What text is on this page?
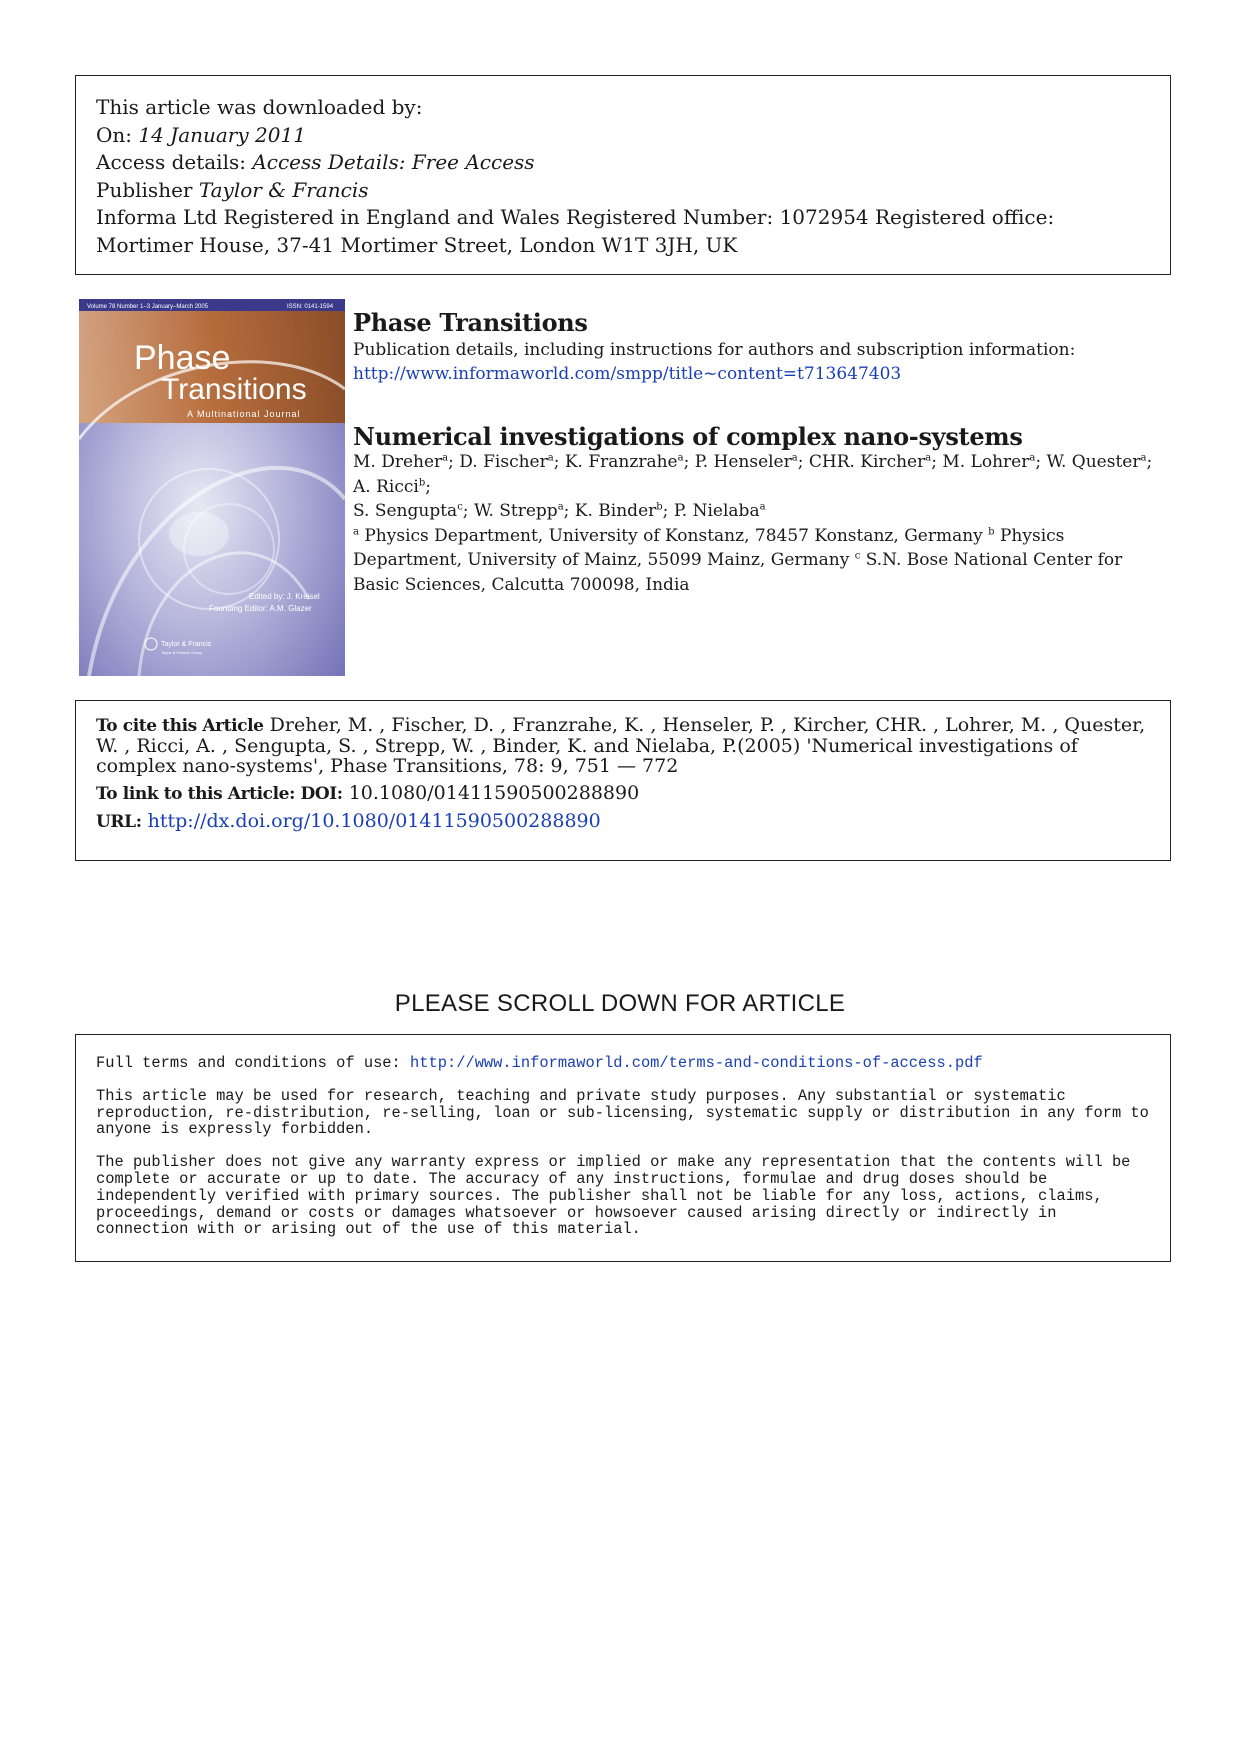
This article was downloaded by:
On: 14 January 2011
Access details: Access Details: Free Access
Publisher Taylor & Francis
Informa Ltd Registered in England and Wales Registered Number: 1072954 Registered office: Mortimer House, 37-41 Mortimer Street, London W1T 3JH, UK
Volume 78 Number 1–3 January–March 2005	ISSN: 0141-1594
Phase
Transitions
A Multinational Journal
Edited by: J. Kreisel
Founding Editor: A.M. Glazer
Taylor & Francis
Taylor & Francis Group
Phase Transitions
Publication details, including instructions for authors and subscription information:
http://www.informaworld.com/smpp/title~content=t713647403
Numerical investigations of complex nano-systems
M. Dreher$^a$; D. Fischer$^a$; K. Franzrahe$^a$; P. Henseler$^a$; CHR. Kircher$^a$; M. Lohrer$^a$; W. Quester$^a$; A. Ricci$^b$;
S. Sengupta$^c$; W. Strepp$^a$; K. Binder$^b$; P. Nielaba$^a$
$^a$ Physics Department, University of Konstanz, 78457 Konstanz, Germany $^b$ Physics Department, University of Mainz, 55099 Mainz, Germany $^c$ S.N. Bose National Center for Basic Sciences, Calcutta 700098, India
To cite this Article Dreher, M. , Fischer, D. , Franzrahe, K. , Henseler, P. , Kircher, CHR. , Lohrer, M. , Quester, W. , Ricci, A. , Sengupta, S. , Strepp, W. , Binder, K. and Nielaba, P.(2005) 'Numerical investigations of complex nano-systems', Phase Transitions, 78: 9, 751 — 772
To link to this Article: DOI: 10.1080/01411590500288890
URL: http://dx.doi.org/10.1080/01411590500288890
PLEASE SCROLL DOWN FOR ARTICLE

Full terms and conditions of use: http://www.informaworld.com/terms-and-conditions-of-access.pdf

This article may be used for research, teaching and private study purposes. Any substantial or systematic reproduction, re-distribution, re-selling, loan or sub-licensing, systematic supply or distribution in any form to anyone is expressly forbidden.

The publisher does not give any warranty express or implied or make any representation that the contents will be complete or accurate or up to date. The accuracy of any instructions, formulae and drug doses should be independently verified with primary sources. The publisher shall not be liable for any loss, actions, claims, proceedings, demand or costs or damages whatsoever or howsoever caused arising directly or indirectly in connection with or arising out of the use of this material.
